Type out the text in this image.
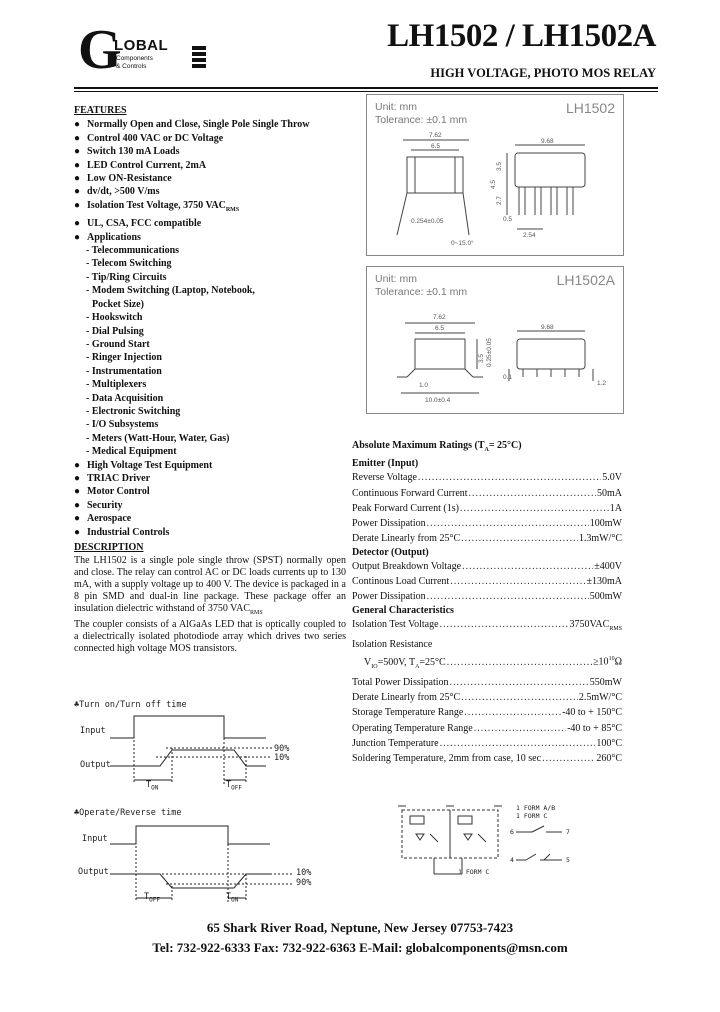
G
LOBAL
Components
& Controls
LH1502 / LH1502A
HIGH VOLTAGE, PHOTO MOS RELAY
FEATURES
● Normally Open and Close, Single Pole Single Throw
● Control 400 VAC or DC Voltage
● Switch 130 mA Loads
● LED Control Current, 2mA
● Low ON-Resistance
● dv/dt, >500 V/ms
● Isolation Test Voltage, 3750 $VAC_{RMS}$
● UL, CSA, FCC compatible
● Applications
- Telecommunications
- Telecom Switching
- Tip/Ring Circuits
- Modem Switching (Laptop, Notebook,
Pocket Size)
- Hookswitch
- Dial Pulsing
- Ground Start
- Ringer Injection
- Instrumentation
- Multiplexers
- Data Acquisition
- Electronic Switching
- I/O Subsystems
- Meters (Watt-Hour, Water, Gas)
- Medical Equipment
● High Voltage Test Equipment
● TRIAC Driver
● Motor Control
● Security
● Aerospace
● Industrial Controls
DESCRIPTION
The LH1502 is a single pole single throw (SPST) normally open and close. The relay can control AC or DC loads currents up to 130 mA, with a supply voltage up to 400 V. The device is packaged in a 8 pin SMD and dual-in line package. These package offer an insulation dielectric withstand of 3750 $VAC_{RMS}$
The coupler consists of a AlGaAs LED that is optically coupled to a dielectrically isolated photodiode array which drives two series connected high voltage MOS transistors.
Unit: mm
Tolerance: ±0.1 mm
LH1502
7.62
6.5
9.68
3.5
4.5
2.7
0.5
2.54
0.254±0.05
0~15.0°
Unit: mm
Tolerance: ±0.1 mm
LH1502A
7.62
6.5	9.68
3.5 0.25±0.05
1.0
10.0±0.4
0.1
1.2
Absolute Maximum Ratings $(T_A= 25^\circ C)$
Emitter (Input)
Reverse Voltage .....	5.0V
Continuous Forward Current .....	50mA
Peak Forward Current (1s) .....	1A
Power Dissipation .....	100mW
Derate Linearly from 25°C .....	1.3mW/°C
Detector (Output)
Output Breakdown Voltage .....	±400V
Continous Load Current .....	±130mA
Power Dissipation .....	500mW
General Characteristics
Isolation Test Voltage .....	$3750VAC_{RMS}$
Isolation Resistance
$V_{IO}=500V$, $T_A=25^\circ C$ .....	$\ge 10^{10}\Omega$
Total Power Dissipation .....	550mW
Derate Linearly from 25°C .....	2.5mW/°C
Storage Temperature Range .....	-40 to + 150°C
Operating Temperature Range .....	-40 to + 85°C
Junction Temperature .....	100°C
Soldering Temperature, 2mm from case, 10 sec .....	260°C
♣Turn on/Turn off time
Input
Output
90%
10%
$T_{ON}$	$T_{OFF}$
♣Operate/Reverse time
Input
Output	10%
90%
$T_{OFF}$	$T_{ON}$
1 FORM C
1 FORM A/B
1 FORM C
6	7
4	5
65 Shark River Road, Neptune, New Jersey 07753-7423
Tel: 732-922-6333 Fax: 732-922-6363 E-Mail: globalcomponents@msn.com
